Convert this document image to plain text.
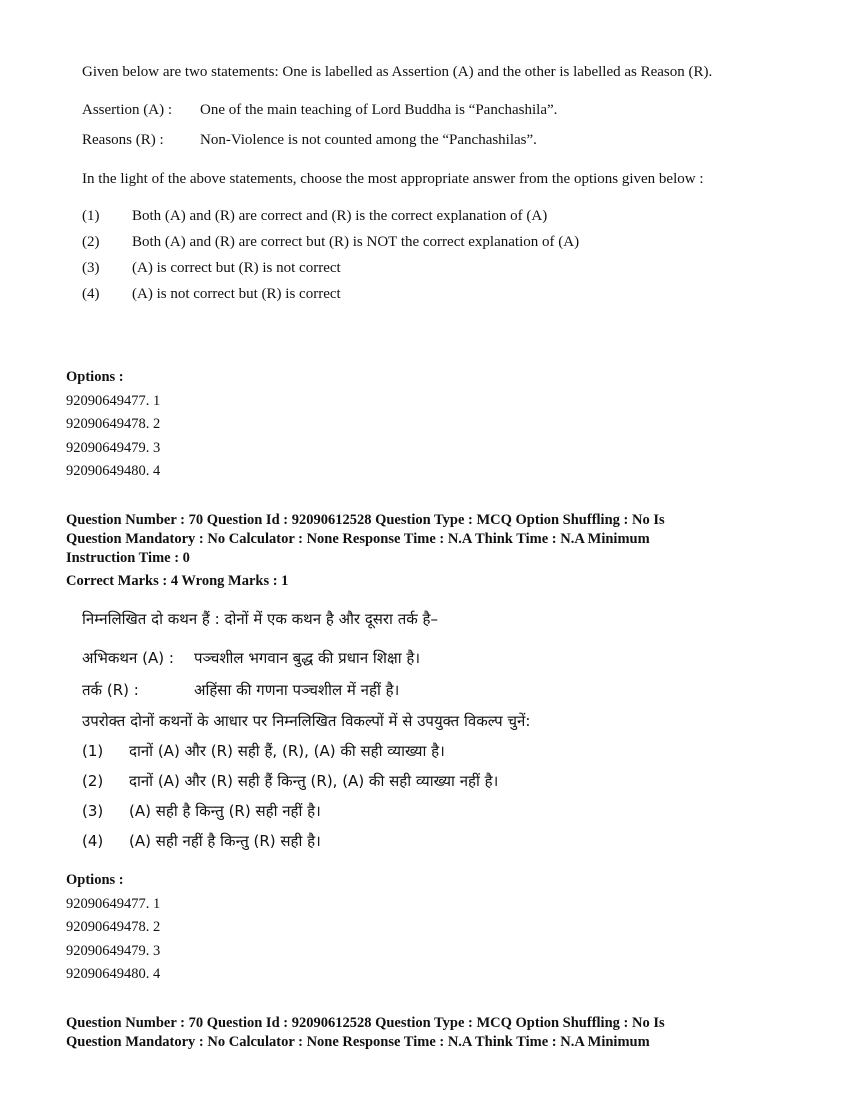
Given below are two statements: One is labelled as Assertion (A) and the other is labelled as Reason (R).
Assertion (A) :	One of the main teaching of Lord Buddha is “Panchashila”.
Reasons (R) :	Non-Violence is not counted among the “Panchashilas”.
In the light of the above statements, choose the most appropriate answer from the options given below :
(1)	Both (A) and (R) are correct and (R) is the correct explanation of (A)
(2)	Both (A) and (R) are correct but (R) is NOT the correct explanation of (A)
(3)	(A) is correct but (R) is not correct
(4)	(A) is not correct but (R) is correct
Options :
92090649477. 1
92090649478. 2
92090649479. 3
92090649480. 4
Question Number : 70 Question Id : 92090612528 Question Type : MCQ Option Shuffling : No Is
Question Mandatory : No Calculator : None Response Time : N.A Think Time : N.A Minimum
Instruction Time : 0
Correct Marks : 4 Wrong Marks : 1
निम्नलिखित दो कथन हैं : दोनों में एक कथन है और दूसरा तर्क है–
अभिकथन (A) :	पञ्चशील भगवान बुद्ध की प्रधान शिक्षा है।
तर्क (R) :	अहिंसा की गणना पञ्चशील में नहीं है।
उपरोक्त दोनों कथनों के आधार पर निम्नलिखित विकल्पों में से उपयुक्त विकल्प चुनें:
(1)	दानों (A) और (R) सही हैं, (R), (A) की सही व्याख्या है।
(2)	दानों (A) और (R) सही हैं किन्तु (R), (A) की सही व्याख्या नहीं है।
(3)	(A) सही है किन्तु (R) सही नहीं है।
(4)	(A) सही नहीं है किन्तु (R) सही है।
Options :
92090649477. 1
92090649478. 2
92090649479. 3
92090649480. 4
Question Number : 70 Question Id : 92090612528 Question Type : MCQ Option Shuffling : No Is
Question Mandatory : No Calculator : None Response Time : N.A Think Time : N.A Minimum
